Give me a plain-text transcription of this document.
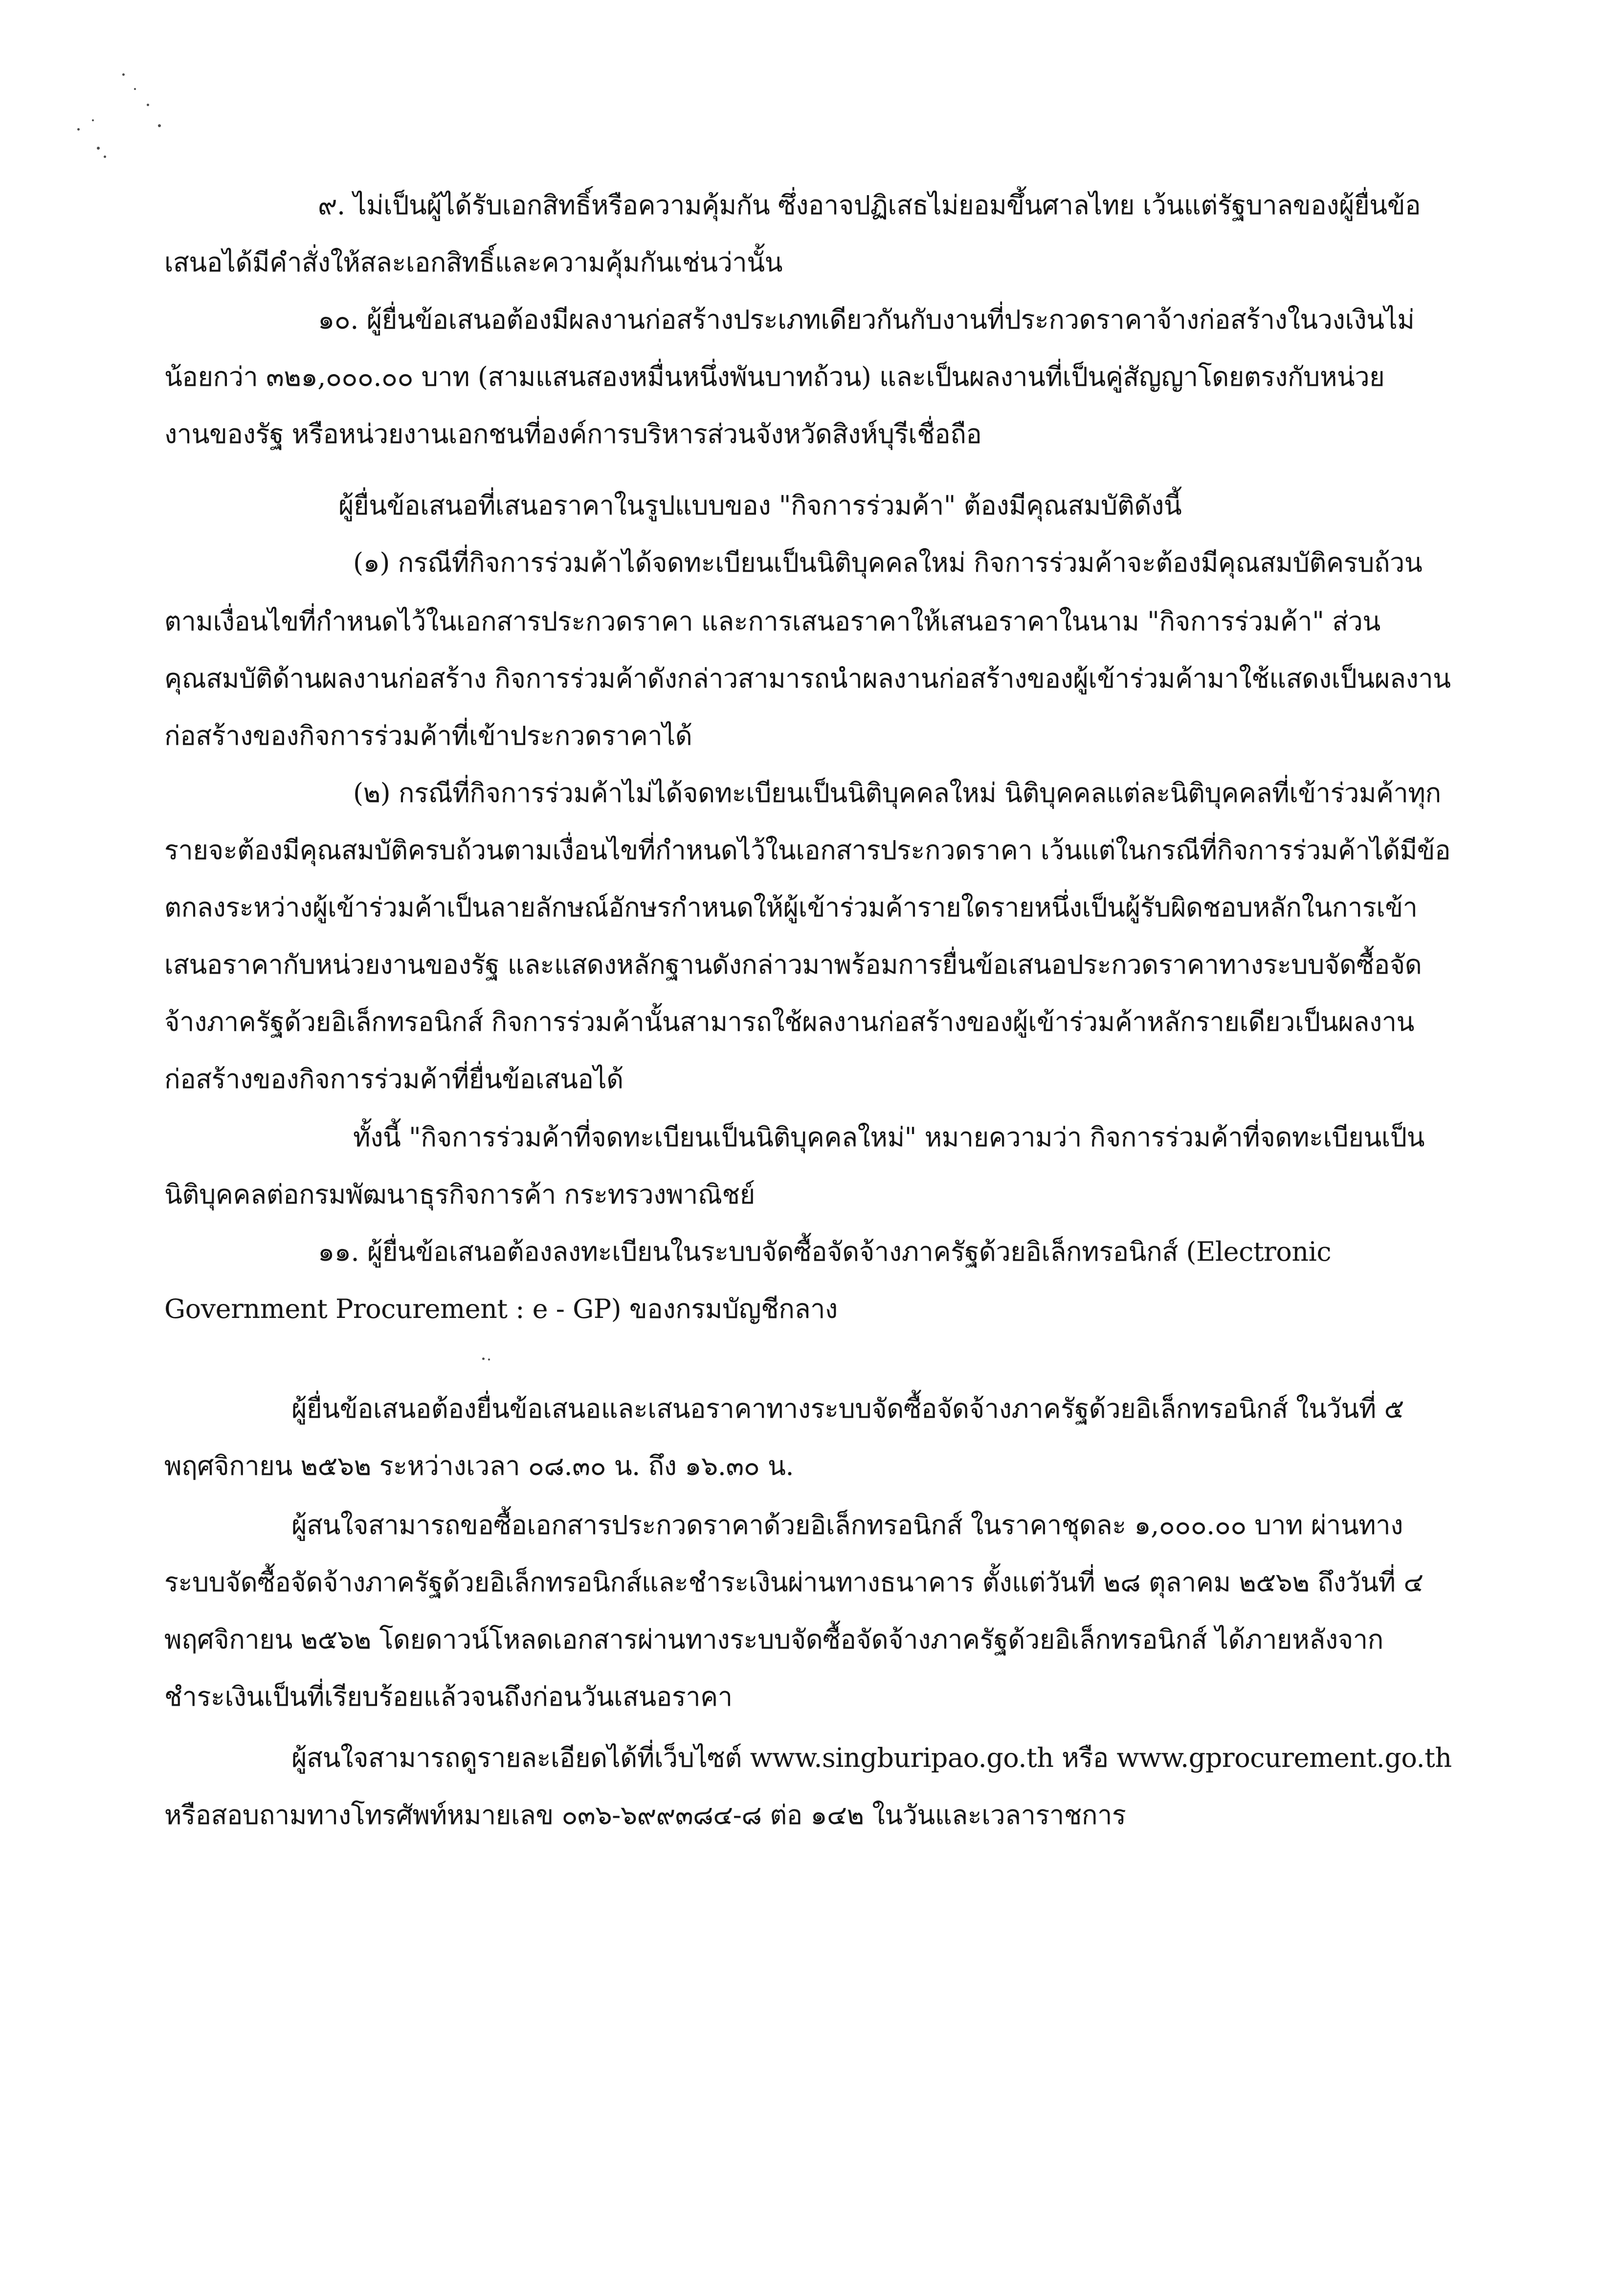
๙. ไม่เป็นผู้ได้รับเอกสิทธิ์หรือความคุ้มกัน ซึ่งอาจปฏิเสธไม่ยอมขึ้นศาลไทย เว้นแต่รัฐบาลของผู้ยื่นข้อ
เสนอได้มีคำสั่งให้สละเอกสิทธิ์และความคุ้มกันเช่นว่านั้น
๑๐. ผู้ยื่นข้อเสนอต้องมีผลงานก่อสร้างประเภทเดียวกันกับงานที่ประกวดราคาจ้างก่อสร้างในวงเงินไม่
น้อยกว่า ๓๒๑,๐๐๐.๐๐ บาท (สามแสนสองหมื่นหนึ่งพันบาทถ้วน) และเป็นผลงานที่เป็นคู่สัญญาโดยตรงกับหน่วย
งานของรัฐ หรือหน่วยงานเอกชนที่องค์การบริหารส่วนจังหวัดสิงห์บุรีเชื่อถือ
ผู้ยื่นข้อเสนอที่เสนอราคาในรูปแบบของ "กิจการร่วมค้า" ต้องมีคุณสมบัติดังนี้
(๑) กรณีที่กิจการร่วมค้าได้จดทะเบียนเป็นนิติบุคคลใหม่ กิจการร่วมค้าจะต้องมีคุณสมบัติครบถ้วน
ตามเงื่อนไขที่กำหนดไว้ในเอกสารประกวดราคา และการเสนอราคาให้เสนอราคาในนาม "กิจการร่วมค้า" ส่วน
คุณสมบัติด้านผลงานก่อสร้าง กิจการร่วมค้าดังกล่าวสามารถนำผลงานก่อสร้างของผู้เข้าร่วมค้ามาใช้แสดงเป็นผลงาน
ก่อสร้างของกิจการร่วมค้าที่เข้าประกวดราคาได้
(๒) กรณีที่กิจการร่วมค้าไม่ได้จดทะเบียนเป็นนิติบุคคลใหม่ นิติบุคคลแต่ละนิติบุคคลที่เข้าร่วมค้าทุก
รายจะต้องมีคุณสมบัติครบถ้วนตามเงื่อนไขที่กำหนดไว้ในเอกสารประกวดราคา เว้นแต่ในกรณีที่กิจการร่วมค้าได้มีข้อ
ตกลงระหว่างผู้เข้าร่วมค้าเป็นลายลักษณ์อักษรกำหนดให้ผู้เข้าร่วมค้ารายใดรายหนึ่งเป็นผู้รับผิดชอบหลักในการเข้า
เสนอราคากับหน่วยงานของรัฐ และแสดงหลักฐานดังกล่าวมาพร้อมการยื่นข้อเสนอประกวดราคาทางระบบจัดซื้อจัด
จ้างภาครัฐด้วยอิเล็กทรอนิกส์ กิจการร่วมค้านั้นสามารถใช้ผลงานก่อสร้างของผู้เข้าร่วมค้าหลักรายเดียวเป็นผลงาน
ก่อสร้างของกิจการร่วมค้าที่ยื่นข้อเสนอได้
ทั้งนี้ "กิจการร่วมค้าที่จดทะเบียนเป็นนิติบุคคลใหม่" หมายความว่า กิจการร่วมค้าที่จดทะเบียนเป็น
นิติบุคคลต่อกรมพัฒนาธุรกิจการค้า กระทรวงพาณิชย์
๑๑. ผู้ยื่นข้อเสนอต้องลงทะเบียนในระบบจัดซื้อจัดจ้างภาครัฐด้วยอิเล็กทรอนิกส์ (Electronic
Government Procurement : e - GP) ของกรมบัญชีกลาง
ผู้ยื่นข้อเสนอต้องยื่นข้อเสนอและเสนอราคาทางระบบจัดซื้อจัดจ้างภาครัฐด้วยอิเล็กทรอนิกส์ ในวันที่ ๕
พฤศจิกายน ๒๕๖๒ ระหว่างเวลา ๐๘.๓๐ น. ถึง ๑๖.๓๐ น.
ผู้สนใจสามารถขอซื้อเอกสารประกวดราคาด้วยอิเล็กทรอนิกส์ ในราคาชุดละ ๑,๐๐๐.๐๐ บาท ผ่านทาง
ระบบจัดซื้อจัดจ้างภาครัฐด้วยอิเล็กทรอนิกส์และชำระเงินผ่านทางธนาคาร ตั้งแต่วันที่ ๒๘ ตุลาคม ๒๕๖๒ ถึงวันที่ ๔
พฤศจิกายน ๒๕๖๒ โดยดาวน์โหลดเอกสารผ่านทางระบบจัดซื้อจัดจ้างภาครัฐด้วยอิเล็กทรอนิกส์ ได้ภายหลังจาก
ชำระเงินเป็นที่เรียบร้อยแล้วจนถึงก่อนวันเสนอราคา
ผู้สนใจสามารถดูรายละเอียดได้ที่เว็บไซต์ www.singburipao.go.th หรือ www.gprocurement.go.th
หรือสอบถามทางโทรศัพท์หมายเลข ๐๓๖-๖๙๙๓๘๔-๘ ต่อ ๑๔๒ ในวันและเวลาราชการ
